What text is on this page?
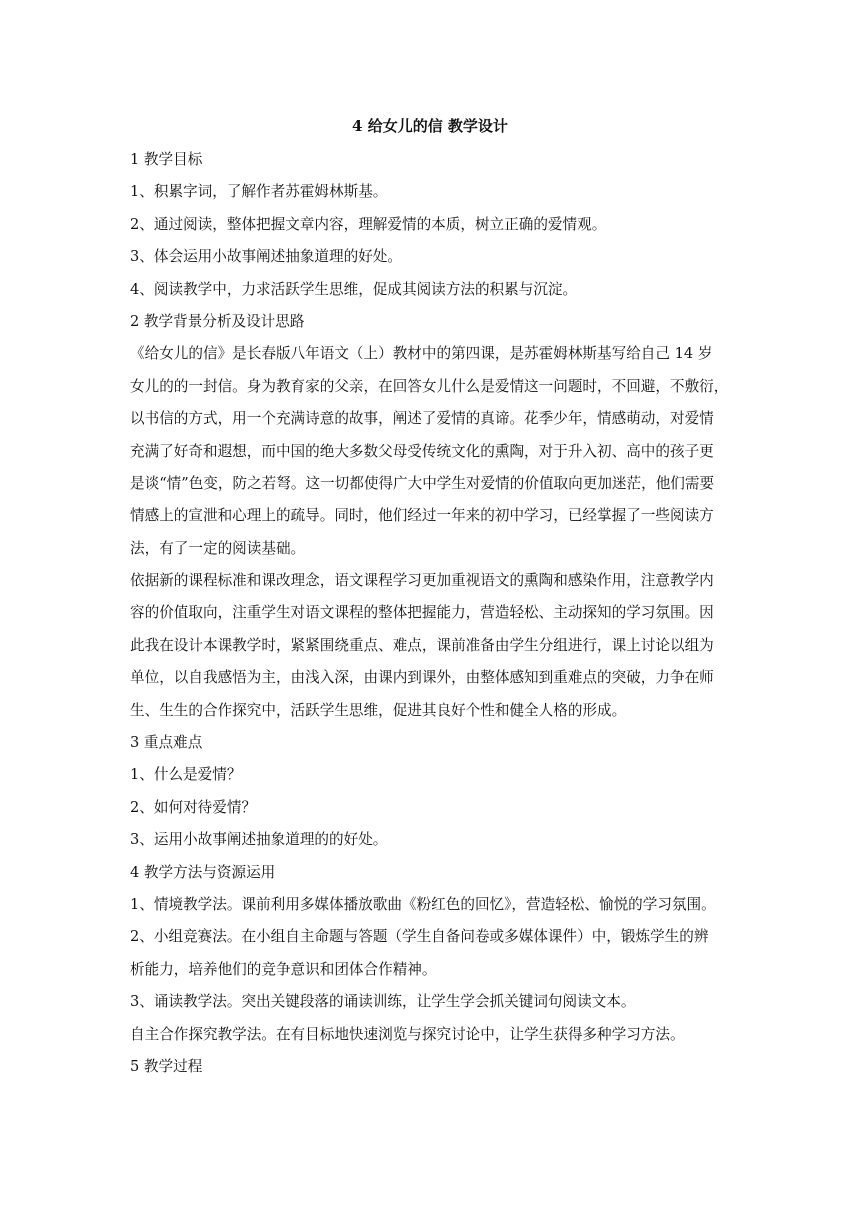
4 给女儿的信 教学设计
1 教学目标
1、积累字词，了解作者苏霍姆林斯基。
2、通过阅读，整体把握文章内容，理解爱情的本质，树立正确的爱情观。
3、体会运用小故事阐述抽象道理的好处。
4、阅读教学中，力求活跃学生思维，促成其阅读方法的积累与沉淀。
2 教学背景分析及设计思路
《给女儿的信》是长春版八年语文（上）教材中的第四课，是苏霍姆林斯基写给自己 14 岁
女儿的的一封信。身为教育家的父亲，在回答女儿什么是爱情这一问题时，不回避，不敷衍，
以书信的方式，用一个充满诗意的故事，阐述了爱情的真谛。花季少年，情感萌动，对爱情
充满了好奇和遐想，而中国的绝大多数父母受传统文化的熏陶，对于升入初、高中的孩子更
是谈“情”色变，防之若弩。这一切都使得广大中学生对爱情的价值取向更加迷茫，他们需要
情感上的宣泄和心理上的疏导。同时，他们经过一年来的初中学习，已经掌握了一些阅读方
法，有了一定的阅读基础。
依据新的课程标准和课改理念，语文课程学习更加重视语文的熏陶和感染作用，注意教学内
容的价值取向，注重学生对语文课程的整体把握能力，营造轻松、主动探知的学习氛围。因
此我在设计本课教学时，紧紧围绕重点、难点，课前准备由学生分组进行，课上讨论以组为
单位，以自我感悟为主，由浅入深，由课内到课外，由整体感知到重难点的突破，力争在师
生、生生的合作探究中，活跃学生思维，促进其良好个性和健全人格的形成。
3 重点难点
1、什么是爱情？
2、如何对待爱情？
3、运用小故事阐述抽象道理的的好处。
4 教学方法与资源运用
1、情境教学法。课前利用多媒体播放歌曲《粉红色的回忆》，营造轻松、愉悦的学习氛围。
2、小组竞赛法。在小组自主命题与答题（学生自备问卷或多媒体课件）中，锻炼学生的辨
析能力，培养他们的竞争意识和团体合作精神。
3、诵读教学法。突出关键段落的诵读训练，让学生学会抓关键词句阅读文本。
自主合作探究教学法。在有目标地快速浏览与探究讨论中，让学生获得多种学习方法。
5 教学过程
